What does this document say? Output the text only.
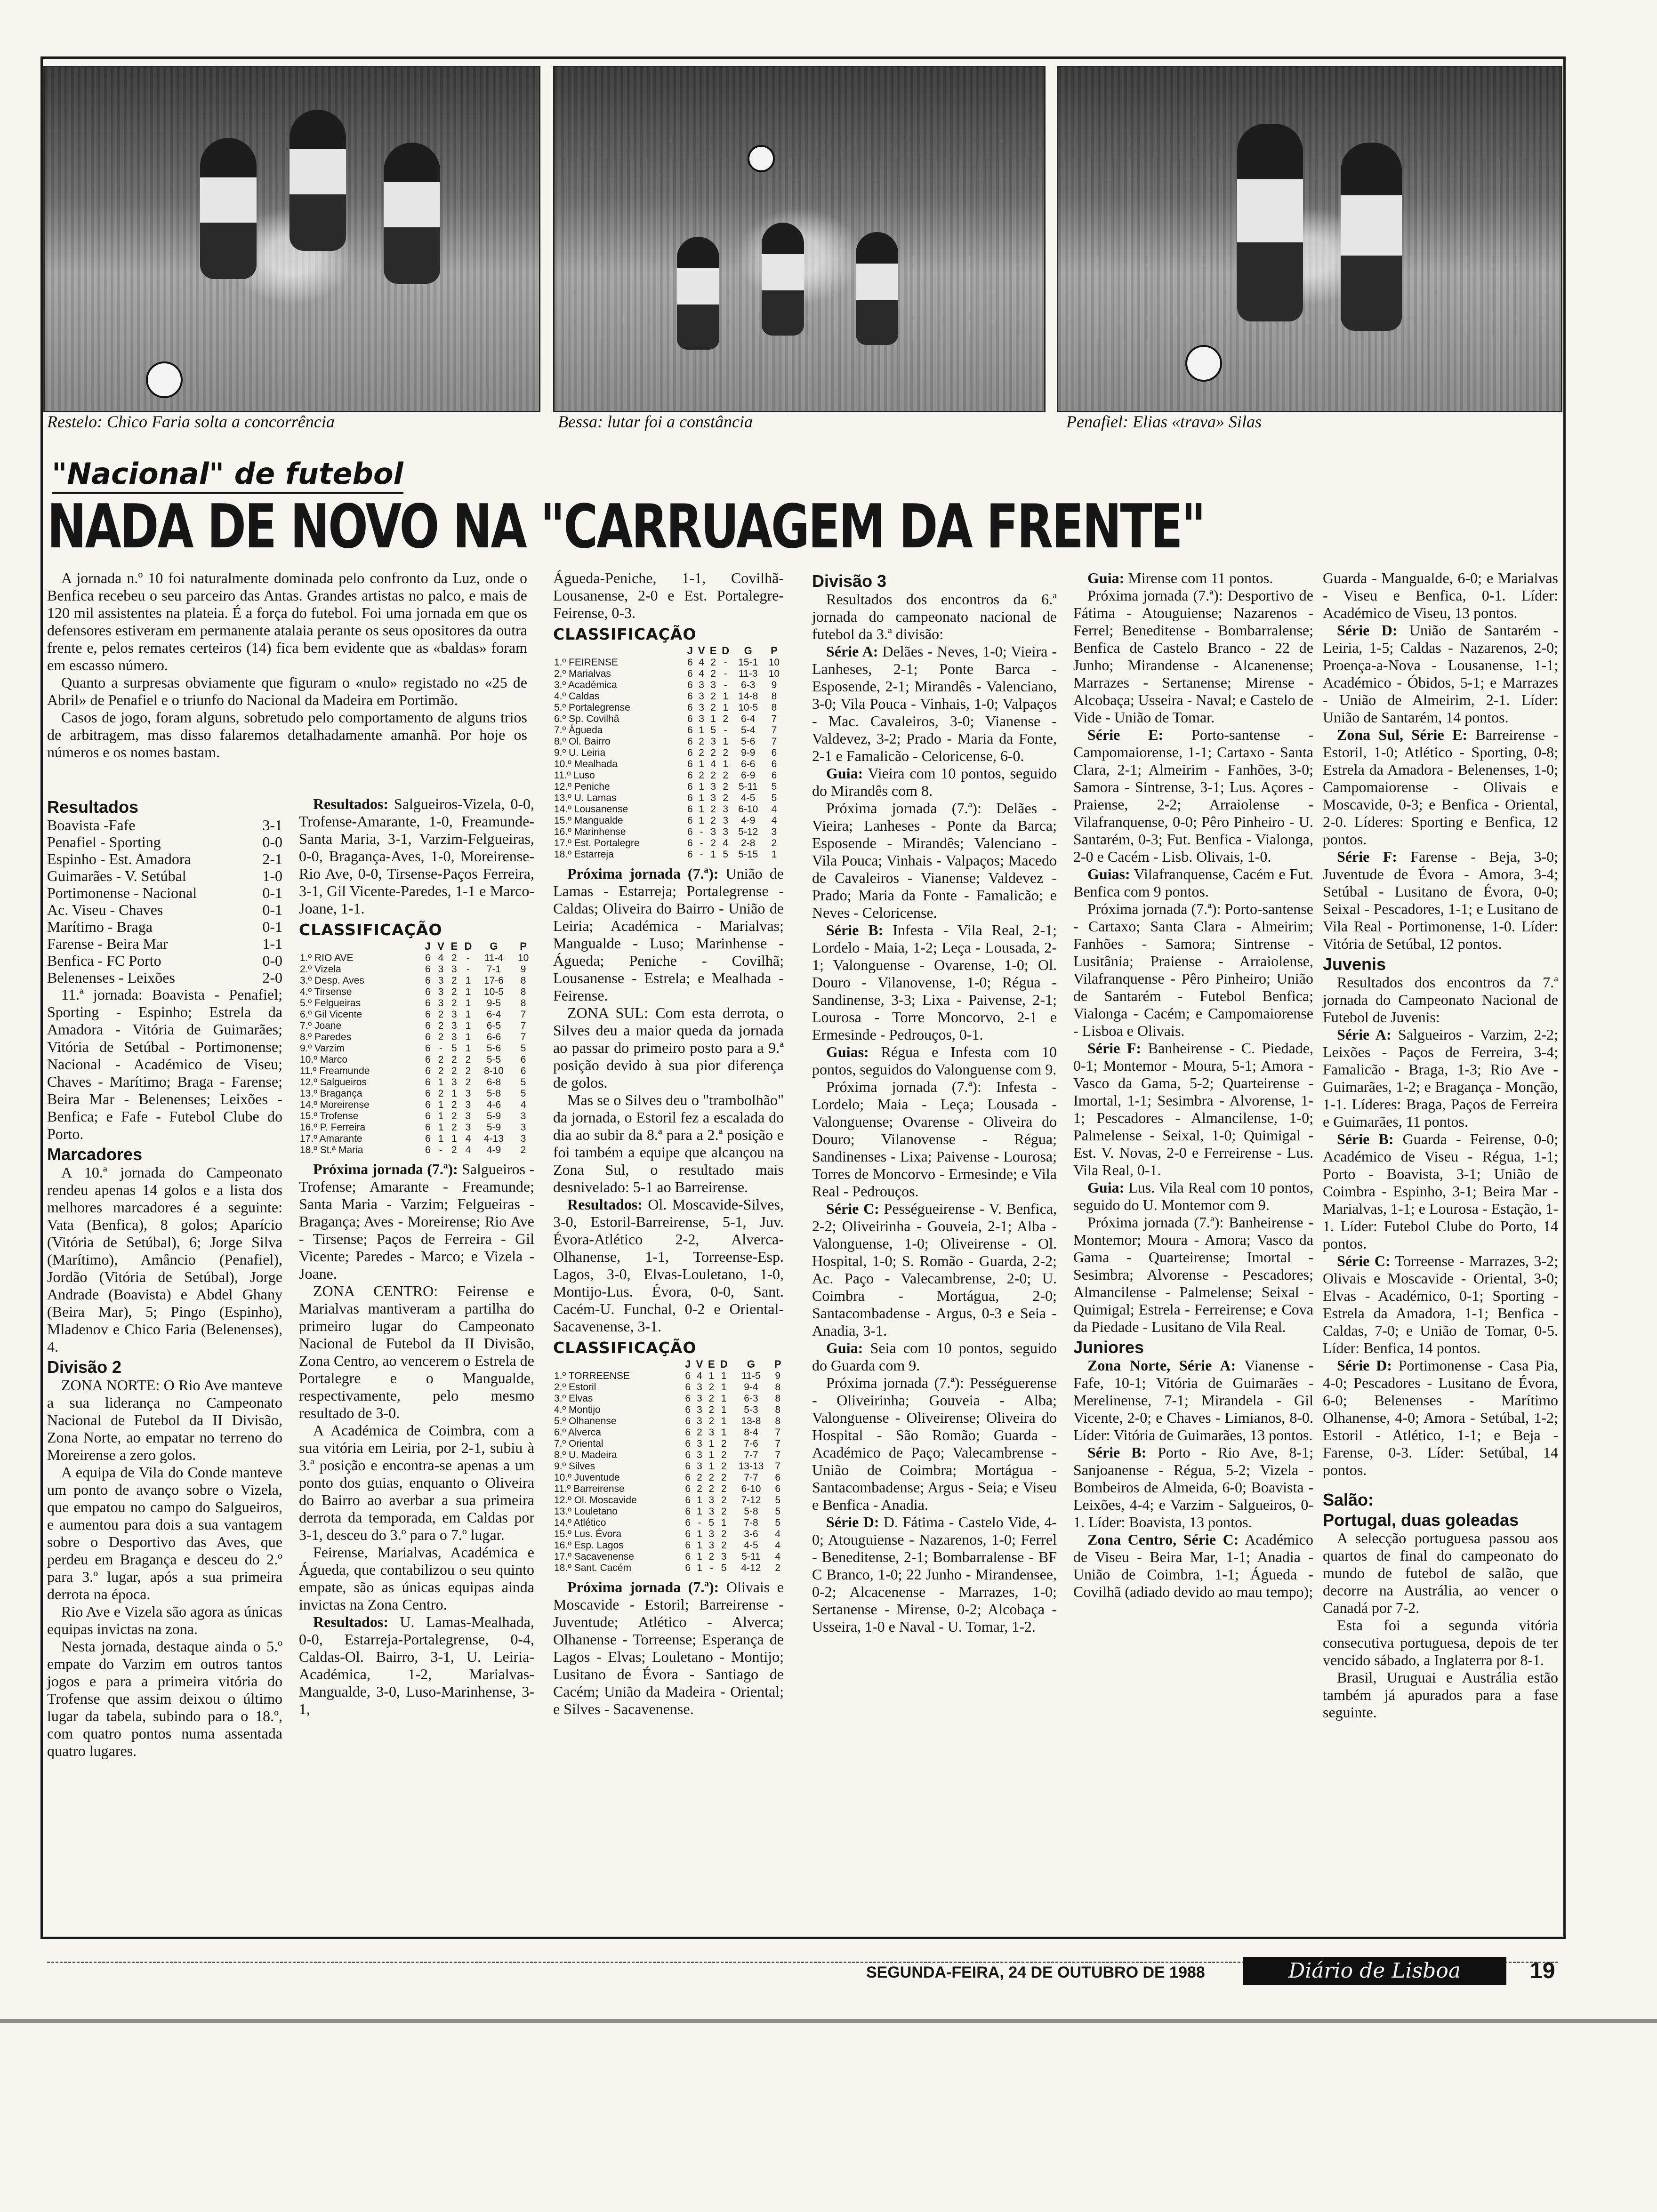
Restelo: Chico Faria solta a concorrência	Bessa: lutar foi a constância	Penafiel: Elias «trava» Silas
"Nacional" de futebol
NADA DE NOVO NA "CARRUAGEM DA FRENTE"

A jornada n.º 10 foi naturalmente dominada pelo confronto da Luz, onde o Benfica recebeu o seu parceiro das Antas. Grandes artistas no palco, e mais de 120 mil assistentes na plateia. É a força do futebol. Foi uma jornada em que os defensores estiveram em permanente atalaia perante os seus opositores da outra frente e, pelos remates certeiros (14) fica bem evidente que as «baldas» foram em escasso número.

Quanto a surpresas obviamente que figuram o «nulo» registado no «25 de Abril» de Penafiel e o triunfo do Nacional da Madeira em Portimão.

Casos de jogo, foram alguns, sobretudo pelo comportamento de alguns trios de arbitragem, mas disso falaremos detalhadamente amanhã. Por hoje os números e os nomes bastam.

Resultados
Boavista -Fafe	3-1
Penafiel - Sporting	0-0
Espinho - Est. Amadora	2-1
Guimarães - V. Setúbal	1-0
Portimonense - Nacional	0-1
Ac. Viseu - Chaves	0-1
Marítimo - Braga	0-1
Farense - Beira Mar	1-1
Benfica - FC Porto	0-0
Belenenses - Leixões	2-0

11.ª jornada: Boavista - Penafiel; Sporting - Espinho; Estrela da Amadora - Vitória de Guimarães; Vitória de Setúbal - Portimonense; Nacional - Académico de Viseu; Chaves - Marítimo; Braga - Farense; Beira Mar - Belenenses; Leixões - Benfica; e Fafe - Futebol Clube do Porto.

Marcadores

A 10.ª jornada do Campeonato rendeu apenas 14 golos e a lista dos melhores marcadores é a seguinte: Vata (Benfica), 8 golos; Aparício (Vitória de Setúbal), 6; Jorge Silva (Marítimo), Amâncio (Penafiel), Jordão (Vitória de Setúbal), Jorge Andrade (Boavista) e Abdel Ghany (Beira Mar), 5; Pingo (Espinho), Mladenov e Chico Faria (Belenenses), 4.

Divisão 2

ZONA NORTE: O Rio Ave manteve a sua liderança no Campeonato Nacional de Futebol da II Divisão, Zona Norte, ao empatar no terreno do Moreirense a zero golos.

A equipa de Vila do Conde manteve um ponto de avanço sobre o Vizela, que empatou no campo do Salgueiros, e aumentou para dois a sua vantagem sobre o Desportivo das Aves, que perdeu em Bragança e desceu do 2.º para 3.º lugar, após a sua primeira derrota na época.

Rio Ave e Vizela são agora as únicas equipas invictas na zona.

Nesta jornada, destaque ainda o 5.º empate do Varzim em outros tantos jogos e para a primeira vitória do Trofense que assim deixou o último lugar da tabela, subindo para o 18.º, com quatro pontos numa assentada quatro lugares.

Resultados: Salgueiros-Vizela, 0-0, Trofense-Amarante, 1-0, Freamunde-Santa Maria, 3-1, Varzim-Felgueiras, 0-0, Bragança-Aves, 1-0, Moreirense-Rio Ave, 0-0, Tirsense-Paços Ferreira, 3-1, Gil Vicente-Paredes, 1-1 e Marco-Joane, 1-1.

CLASSIFICAÇÃO
	J	V	E	D	G	P
1.º RIO AVE	6	4	2	-	11-4	10
2.º Vizela	6	3	3	-	7-1	9
3.º Desp. Aves	6	3	2	1	17-6	8
4.º Tirsense	6	3	2	1	10-5	8
5.º Felgueiras	6	3	2	1	9-5	8
6.º Gil Vicente	6	2	3	1	6-4	7
7.º Joane	6	2	3	1	6-5	7
8.º Paredes	6	2	3	1	6-6	7
9.º Varzim	6	-	5	1	5-6	5
10.º Marco	6	2	2	2	5-5	6
11.º Freamunde	6	2	2	2	8-10	6
12.º Salgueiros	6	1	3	2	6-8	5
13.º Bragança	6	2	1	3	5-8	5
14.º Moreirense	6	1	2	3	4-6	4
15.º Trofense	6	1	2	3	5-9	3
16.º P. Ferreira	6	1	2	3	5-9	3
17.º Amarante	6	1	1	4	4-13	3
18.º St.ª Maria	6	-	2	4	4-9	2

Próxima jornada (7.ª): Salgueiros - Trofense; Amarante - Freamunde; Santa Maria - Varzim; Felgueiras - Bragança; Aves - Moreirense; Rio Ave - Tirsense; Paços de Ferreira - Gil Vicente; Paredes - Marco; e Vizela - Joane.

ZONA CENTRO: Feirense e Marialvas mantiveram a partilha do primeiro lugar do Campeonato Nacional de Futebol da II Divisão, Zona Centro, ao vencerem o Estrela de Portalegre e o Mangualde, respectivamente, pelo mesmo resultado de 3-0.

A Académica de Coimbra, com a sua vitória em Leiria, por 2-1, subiu à 3.ª posição e encontra-se apenas a um ponto dos guias, enquanto o Oliveira do Bairro ao averbar a sua primeira derrota da temporada, em Caldas por 3-1, desceu do 3.º para o 7.º lugar.

Feirense, Marialvas, Académica e Águeda, que contabilizou o seu quinto empate, são as únicas equipas ainda invictas na Zona Centro.

Resultados: U. Lamas-Mealhada, 0-0, Estarreja-Portalegrense, 0-4, Caldas-Ol. Bairro, 3-1, U. Leiria-Académica, 1-2, Marialvas-Mangualde, 3-0, Luso-Marinhense, 3-1,

Águeda-Peniche, 1-1, Covilhã-Lousanense, 2-0 e Est. Portalegre-Feirense, 0-3.

CLASSIFICAÇÃO
	J	V	E	D	G	P
1.º FEIRENSE	6	4	2	-	15-1	10
2.º Marialvas	6	4	2	-	11-3	10
3.º Académica	6	3	3	-	6-3	9
4.º Caldas	6	3	2	1	14-8	8
5.º Portalegrense	6	3	2	1	10-5	8
6.º Sp. Covilhã	6	3	1	2	6-4	7
7.º Águeda	6	1	5	-	5-4	7
8.º Ol. Bairro	6	2	3	1	5-6	7
9.º U. Leiria	6	2	2	2	9-9	6
10.º Mealhada	6	1	4	1	6-6	6
11.º Luso	6	2	2	2	6-9	6
12.º Peniche	6	1	3	2	5-11	5
13.º U. Lamas	6	1	3	2	4-5	5
14.º Lousanense	6	1	2	3	6-10	4
15.º Mangualde	6	1	2	3	4-9	4
16.º Marinhense	6	-	3	3	5-12	3
17.º Est. Portalegre	6	-	2	4	2-8	2
18.º Estarreja	6	-	1	5	5-15	1

Próxima jornada (7.ª): União de Lamas - Estarreja; Portalegrense - Caldas; Oliveira do Bairro - União de Leiria; Académica - Marialvas; Mangualde - Luso; Marinhense - Águeda; Peniche - Covilhã; Lousanense - Estrela; e Mealhada - Feirense.

ZONA SUL: Com esta derrota, o Silves deu a maior queda da jornada ao passar do primeiro posto para a 9.ª posição devido à sua pior diferença de golos.

Mas se o Silves deu o "trambolhão" da jornada, o Estoril fez a escalada do dia ao subir da 8.ª para a 2.ª posição e foi também a equipe que alcançou na Zona Sul, o resultado mais desnivelado: 5-1 ao Barreirense.

Resultados: Ol. Moscavide-Silves, 3-0, Estoril-Barreirense, 5-1, Juv. Évora-Atlético 2-2, Alverca-Olhanense, 1-1, Torreense-Esp. Lagos, 3-0, Elvas-Louletano, 1-0, Montijo-Lus. Évora, 0-0, Sant. Cacém-U. Funchal, 0-2 e Oriental-Sacavenense, 3-1.

CLASSIFICAÇÃO
	J	V	E	D	G	P
1.º TORREENSE	6	4	1	1	11-5	9
2.º Estoril	6	3	2	1	9-4	8
3.º Elvas	6	3	2	1	6-3	8
4.º Montijo	6	3	2	1	5-3	8
5.º Olhanense	6	3	2	1	13-8	8
6.º Alverca	6	2	3	1	8-4	7
7.º Oriental	6	3	1	2	7-6	7
8.º U. Madeira	6	3	1	2	7-7	7
9.º Silves	6	3	1	2	13-13	7
10.º Juventude	6	2	2	2	7-7	6
11.º Barreirense	6	2	2	2	6-10	6
12.º Ol. Moscavide	6	1	3	2	7-12	5
13.º Louletano	6	1	3	2	5-8	5
14.º Atlético	6	-	5	1	7-8	5
15.º Lus. Évora	6	1	3	2	3-6	4
16.º Esp. Lagos	6	1	3	2	4-5	4
17.º Sacavenense	6	1	2	3	5-11	4
18.º Sant. Cacém	6	1	-	5	4-12	2

Próxima jornada (7.ª): Olivais e Moscavide - Estoril; Barreirense - Juventude; Atlético - Alverca; Olhanense - Torreense; Esperança de Lagos - Elvas; Louletano - Montijo; Lusitano de Évora - Santiago de Cacém; União da Madeira - Oriental; e Silves - Sacavenense.

Divisão 3

Resultados dos encontros da 6.ª jornada do campeonato nacional de futebol da 3.ª divisão:

Série A: Delães - Neves, 1-0; Vieira - Lanheses, 2-1; Ponte Barca - Esposende, 2-1; Mirandês - Valenciano, 3-0; Vila Pouca - Vinhais, 1-0; Valpaços - Mac. Cavaleiros, 3-0; Vianense - Valdevez, 3-2; Prado - Maria da Fonte, 2-1 e Famalicão - Celoricense, 6-0.

Guia: Vieira com 10 pontos, seguido do Mirandês com 8.

Próxima jornada (7.ª): Delães - Vieira; Lanheses - Ponte da Barca; Esposende - Mirandês; Valenciano - Vila Pouca; Vinhais - Valpaços; Macedo de Cavaleiros - Vianense; Valdevez - Prado; Maria da Fonte - Famalicão; e Neves - Celoricense.

Série B: Infesta - Vila Real, 2-1; Lordelo - Maia, 1-2; Leça - Lousada, 2-1; Valonguense - Ovarense, 1-0; Ol. Douro - Vilanovense, 1-0; Régua - Sandinense, 3-3; Lixa - Paivense, 2-1; Lourosa - Torre Moncorvo, 2-1 e Ermesinde - Pedrouços, 0-1.

Guias: Régua e Infesta com 10 pontos, seguidos do Valonguense com 9.

Próxima jornada (7.ª): Infesta - Lordelo; Maia - Leça; Lousada - Valonguense; Ovarense - Oliveira do Douro; Vilanovense - Régua; Sandinenses - Lixa; Paivense - Lourosa; Torres de Moncorvo - Ermesinde; e Vila Real - Pedrouços.

Série C: Pességueirense - V. Benfica, 2-2; Oliveirinha - Gouveia, 2-1; Alba - Valonguense, 1-0; Oliveirense - Ol. Hospital, 1-0; S. Romão - Guarda, 2-2; Ac. Paço - Valecambrense, 2-0; U. Coimbra - Mortágua, 2-0; Santacombadense - Argus, 0-3 e Seia - Anadia, 3-1.

Guia: Seia com 10 pontos, seguido do Guarda com 9.

Próxima jornada (7.ª): Pességuerense - Oliveirinha; Gouveia - Alba; Valonguense - Oliveirense; Oliveira do Hospital - São Romão; Guarda - Académico de Paço; Valecambrense - União de Coimbra; Mortágua - Santacombadense; Argus - Seia; e Viseu e Benfica - Anadia.

Série D: D. Fátima - Castelo Vide, 4-0; Atouguiense - Nazarenos, 1-0; Ferrel - Beneditense, 2-1; Bombarralense - BF C Branco, 1-0; 22 Junho - Mirandensee, 0-2; Alcacenense - Marrazes, 1-0; Sertanense - Mirense, 0-2; Alcobaça - Usseira, 1-0 e Naval - U. Tomar, 1-2.

Guia: Mirense com 11 pontos.

Próxima jornada (7.ª): Desportivo de Fátima - Atouguiense; Nazarenos - Ferrel; Beneditense - Bombarralense; Benfica de Castelo Branco - 22 de Junho; Mirandense - Alcanenense; Marrazes - Sertanense; Mirense - Alcobaça; Usseira - Naval; e Castelo de Vide - União de Tomar.

Série E: Porto-santense - Campomaiorense, 1-1; Cartaxo - Santa Clara, 2-1; Almeirim - Fanhões, 3-0; Samora - Sintrense, 3-1; Lus. Açores - Praiense, 2-2; Arraiolense - Vilafranquense, 0-0; Pêro Pinheiro - U. Santarém, 0-3; Fut. Benfica - Vialonga, 2-0 e Cacém - Lisb. Olivais, 1-0.

Guias: Vilafranquense, Cacém e Fut. Benfica com 9 pontos.

Próxima jornada (7.ª): Porto-santense - Cartaxo; Santa Clara - Almeirim; Fanhões - Samora; Sintrense - Lusitânia; Praiense - Arraiolense, Vilafranquense - Pêro Pinheiro; União de Santarém - Futebol Benfica; Vialonga - Cacém; e Campomaiorense - Lisboa e Olivais.

Série F: Banheirense - C. Piedade, 0-1; Montemor - Moura, 5-1; Amora - Vasco da Gama, 5-2; Quarteirense - Imortal, 1-1; Sesimbra - Alvorense, 1-1; Pescadores - Almancilense, 1-0; Palmelense - Seixal, 1-0; Quimigal - Est. V. Novas, 2-0 e Ferreirense - Lus. Vila Real, 0-1.

Guia: Lus. Vila Real com 10 pontos, seguido do U. Montemor com 9.

Próxima jornada (7.ª): Banheirense - Montemor; Moura - Amora; Vasco da Gama - Quarteirense; Imortal - Sesimbra; Alvorense - Pescadores; Almancilense - Palmelense; Seixal - Quimigal; Estrela - Ferreirense; e Cova da Piedade - Lusitano de Vila Real.

Juniores

Zona Norte, Série A: Vianense - Fafe, 10-1; Vitória de Guimarães - Merelinense, 7-1; Mirandela - Gil Vicente, 2-0; e Chaves - Limianos, 8-0. Líder: Vitória de Guimarães, 13 pontos.

Série B: Porto - Rio Ave, 8-1; Sanjoanense - Régua, 5-2; Vizela - Bombeiros de Almeida, 6-0; Boavista - Leixões, 4-4; e Varzim - Salgueiros, 0-1. Líder: Boavista, 13 pontos.

Zona Centro, Série C: Académico de Viseu - Beira Mar, 1-1; Anadia - União de Coimbra, 1-1; Águeda - Covilhã (adiado devido ao mau tempo);

Guarda - Mangualde, 6-0; e Marialvas - Viseu e Benfica, 0-1. Líder: Académico de Viseu, 13 pontos.

Série D: União de Santarém - Leiria, 1-5; Caldas - Nazarenos, 2-0; Proença-a-Nova - Lousanense, 1-1; Académico - Óbidos, 5-1; e Marrazes - União de Almeirim, 2-1. Líder: União de Santarém, 14 pontos.

Zona Sul, Série E: Barreirense - Estoril, 1-0; Atlético - Sporting, 0-8; Estrela da Amadora - Belenenses, 1-0; Campomaiorense - Olivais e Moscavide, 0-3; e Benfica - Oriental, 2-0. Líderes: Sporting e Benfica, 12 pontos.

Série F: Farense - Beja, 3-0; Juventude de Évora - Amora, 3-4; Setúbal - Lusitano de Évora, 0-0; Seixal - Pescadores, 1-1; e Lusitano de Vila Real - Portimonense, 1-0. Líder: Vitória de Setúbal, 12 pontos.

Juvenis

Resultados dos encontros da 7.ª jornada do Campeonato Nacional de Futebol de Juvenis:

Série A: Salgueiros - Varzim, 2-2; Leixões - Paços de Ferreira, 3-4; Famalicão - Braga, 1-3; Rio Ave - Guimarães, 1-2; e Bragança - Monção, 1-1. Líderes: Braga, Paços de Ferreira e Guimarães, 11 pontos.

Série B: Guarda - Feirense, 0-0; Académico de Viseu - Régua, 1-1; Porto - Boavista, 3-1; União de Coimbra - Espinho, 3-1; Beira Mar - Marialvas, 1-1; e Lourosa - Estação, 1-1. Líder: Futebol Clube do Porto, 14 pontos.

Série C: Torreense - Marrazes, 3-2; Olivais e Moscavide - Oriental, 3-0; Elvas - Académico, 0-1; Sporting - Estrela da Amadora, 1-1; Benfica - Caldas, 7-0; e União de Tomar, 0-5. Líder: Benfica, 14 pontos.

Série D: Portimonense - Casa Pia, 4-0; Pescadores - Lusitano de Évora, 6-0; Belenenses - Marítimo Olhanense, 4-0; Amora - Setúbal, 1-2; Estoril - Atlético, 1-1; e Beja - Farense, 0-3. Líder: Setúbal, 14 pontos.

Salão:
Portugal, duas goleadas

A selecção portuguesa passou aos quartos de final do campeonato do mundo de futebol de salão, que decorre na Austrália, ao vencer o Canadá por 7-2.

Esta foi a segunda vitória consecutiva portuguesa, depois de ter vencido sábado, a Inglaterra por 8-1.

Brasil, Uruguai e Austrália estão também já apurados para a fase seguinte.

SEGUNDA-FEIRA, 24 DE OUTUBRO DE 1988	Diário de Lisboa	19
